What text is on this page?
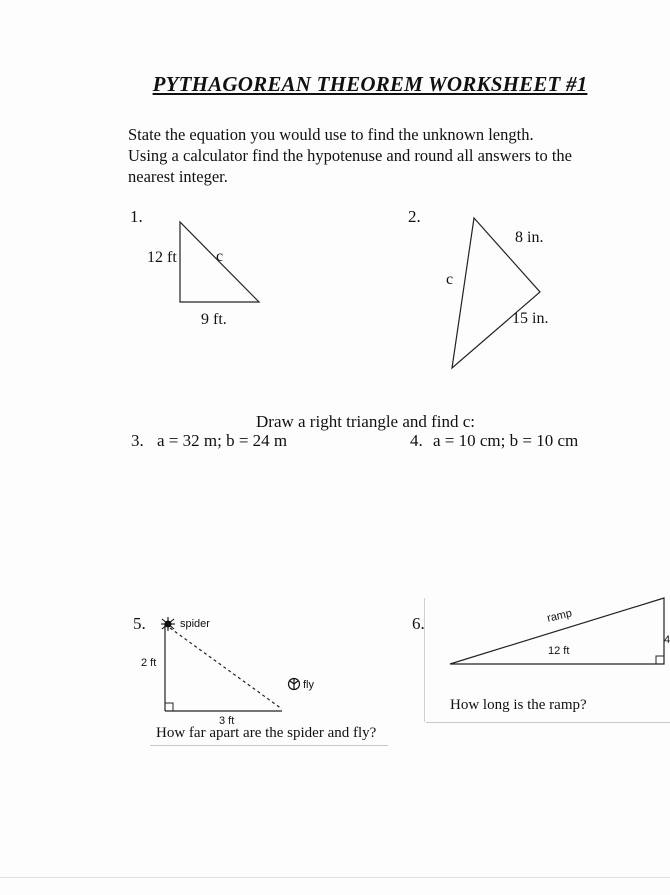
PYTHAGOREAN THEOREM WORKSHEET #1
State the equation you would use to find the unknown length.
Using a calculator find the hypotenuse and round all answers to the
nearest integer.
1.
12 ft c
9 ft.
2.
8 in.
c
15 in.
Draw a right triangle and find c:
3. a = 32 m; b = 24 m	4. a = 10 cm; b = 10 cm
5.	spider
2 ft
3 ft
fly
How far apart are the spider and fly?
6.	ramp
12 ft
4
How long is the ramp?
